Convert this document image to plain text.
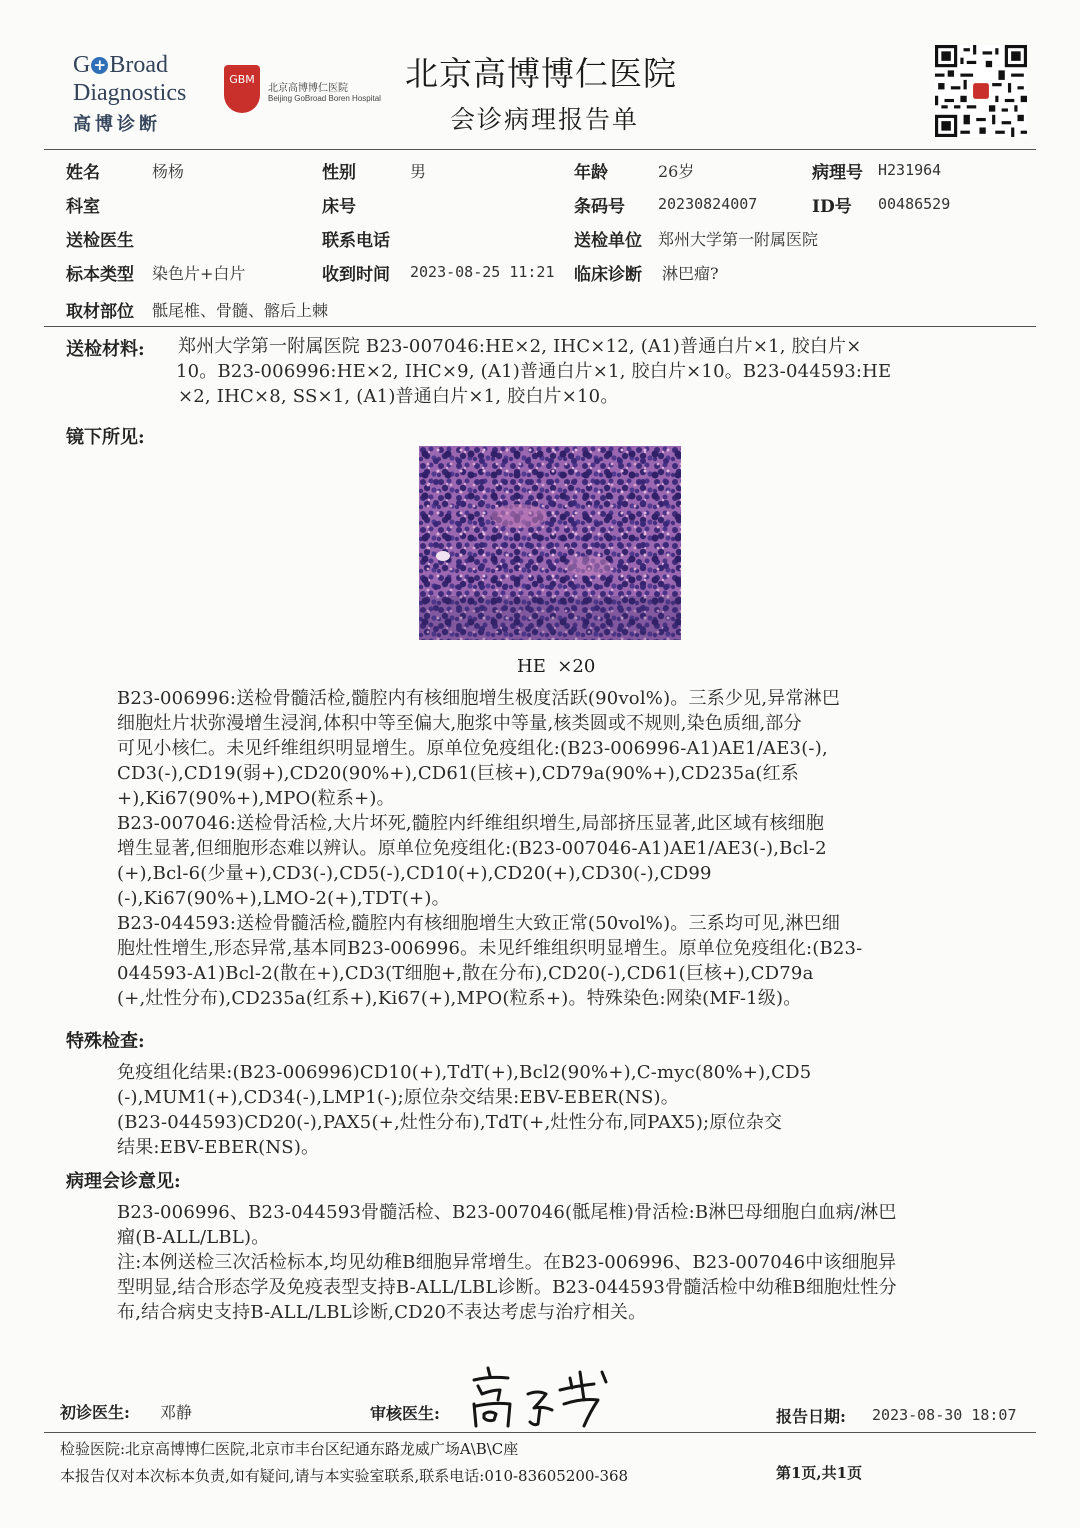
G + Broad
Diagnostics
高博诊断
GBM
北京高博博仁医院
Beijing GoBroad Boren Hospital
北京高博博仁医院
会诊病理报告单
姓名	杨杨	性别	男	年龄	26岁	病理号 H231964
科室	床号	条码号 20230824007	ID号 00486529
送检医生	联系电话	送检单位 郑州大学第一附属医院
标本类型 染色片+白片	收到时间 2023-08-25 11:21 临床诊断 淋巴瘤?
取材部位 骶尾椎、骨髓、髂后上棘
送检材料: 郑州大学第一附属医院 B23-007046:HE×2, IHC×12, (A1)普通白片×1, 胶白片×
10。B23-006996:HE×2, IHC×9, (A1)普通白片×1, 胶白片×10。B23-044593:HE
×2, IHC×8, SS×1, (A1)普通白片×1, 胶白片×10。
镜下所见:
HE  ×20
B23-006996:送检骨髓活检,髓腔内有核细胞增生极度活跃(90vol%)。三系少见,异常淋巴
细胞灶片状弥漫增生浸润,体积中等至偏大,胞浆中等量,核类圆或不规则,染色质细,部分
可见小核仁。未见纤维组织明显增生。原单位免疫组化:(B23-006996-A1)AE1/AE3(-),
CD3(-),CD19(弱+),CD20(90%+),CD61(巨核+),CD79a(90%+),CD235a(红系
+),Ki67(90%+),MPO(粒系+)。
B23-007046:送检骨活检,大片坏死,髓腔内纤维组织增生,局部挤压显著,此区域有核细胞
增生显著,但细胞形态难以辨认。原单位免疫组化:(B23-007046-A1)AE1/AE3(-),Bcl-2
(+),Bcl-6(少量+),CD3(-),CD5(-),CD10(+),CD20(+),CD30(-),CD99
(-),Ki67(90%+),LMO-2(+),TDT(+)。
B23-044593:送检骨髓活检,髓腔内有核细胞增生大致正常(50vol%)。三系均可见,淋巴细
胞灶性增生,形态异常,基本同B23-006996。未见纤维组织明显增生。原单位免疫组化:(B23-
044593-A1)Bcl-2(散在+),CD3(T细胞+,散在分布),CD20(-),CD61(巨核+),CD79a
(+,灶性分布),CD235a(红系+),Ki67(+),MPO(粒系+)。特殊染色:网染(MF-1级)。
特殊检查:
免疫组化结果:(B23-006996)CD10(+),TdT(+),Bcl2(90%+),C-myc(80%+),CD5
(-),MUM1(+),CD34(-),LMP1(-);原位杂交结果:EBV-EBER(NS)。
(B23-044593)CD20(-),PAX5(+,灶性分布),TdT(+,灶性分布,同PAX5);原位杂交
结果:EBV-EBER(NS)。
病理会诊意见:
B23-006996、B23-044593骨髓活检、B23-007046(骶尾椎)骨活检:B淋巴母细胞白血病/淋巴
瘤(B-ALL/LBL)。
注:本例送检三次活检标本,均见幼稚B细胞异常增生。在B23-006996、B23-007046中该细胞异
型明显,结合形态学及免疫表型支持B-ALL/LBL诊断。B23-044593骨髓活检中幼稚B细胞灶性分
布,结合病史支持B-ALL/LBL诊断,CD20不表达考虑与治疗相关。
初诊医生: 邓静	审核医生:	报告日期: 2023-08-30 18:07
检验医院:北京高博博仁医院,北京市丰台区纪通东路龙威广场A\B\C座
本报告仅对本次标本负责,如有疑问,请与本实验室联系,联系电话:010-83605200-368	第1页,共1页
